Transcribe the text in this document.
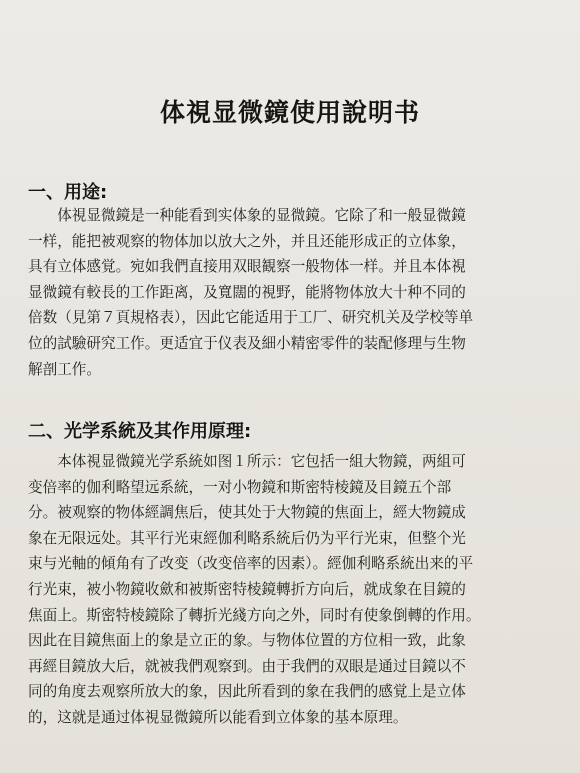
体視显微鏡使用說明书
一、用途:
　　体視显微鏡是一种能看到实体象的显微鏡。它除了和一般显微鏡
一样，能把被观察的物体加以放大之外，并且还能形成正的立体象，
具有立体感覚。宛如我們直接用双眼観察一般物体一样。并且本体視
显微鏡有較長的工作距离，及寬闊的視野，能將物体放大十种不同的
倍数（見第７頁規格表），因此它能适用于工厂、研究机关及学校等单
位的試驗研究工作。更适宜于仪表及細小精密零件的装配修理与生物
解剖工作。
二、光学系統及其作用原理:
　　本体視显微鏡光学系統如图１所示：它包括一組大物鏡，两組可
变倍率的伽利略望远系統，一对小物鏡和斯密特棱鏡及目鏡五个部
分。被观察的物体經調焦后，使其处于大物鏡的焦面上，經大物鏡成
象在无限远处。其平行光束經伽利略系統后仍为平行光束，但整个光
束与光軸的傾角有了改变（改变倍率的因素）。經伽利略系統出来的平
行光束，被小物鏡收歛和被斯密特棱鏡轉折方向后，就成象在目鏡的
焦面上。斯密特棱鏡除了轉折光綫方向之外，同时有使象倒轉的作用。
因此在目鏡焦面上的象是立正的象。与物体位置的方位相一致，此象
再經目鏡放大后，就被我們观察到。由于我們的双眼是通过目鏡以不
同的角度去观察所放大的象，因此所看到的象在我們的感覚上是立体
的，这就是通过体視显微鏡所以能看到立体象的基本原理。
